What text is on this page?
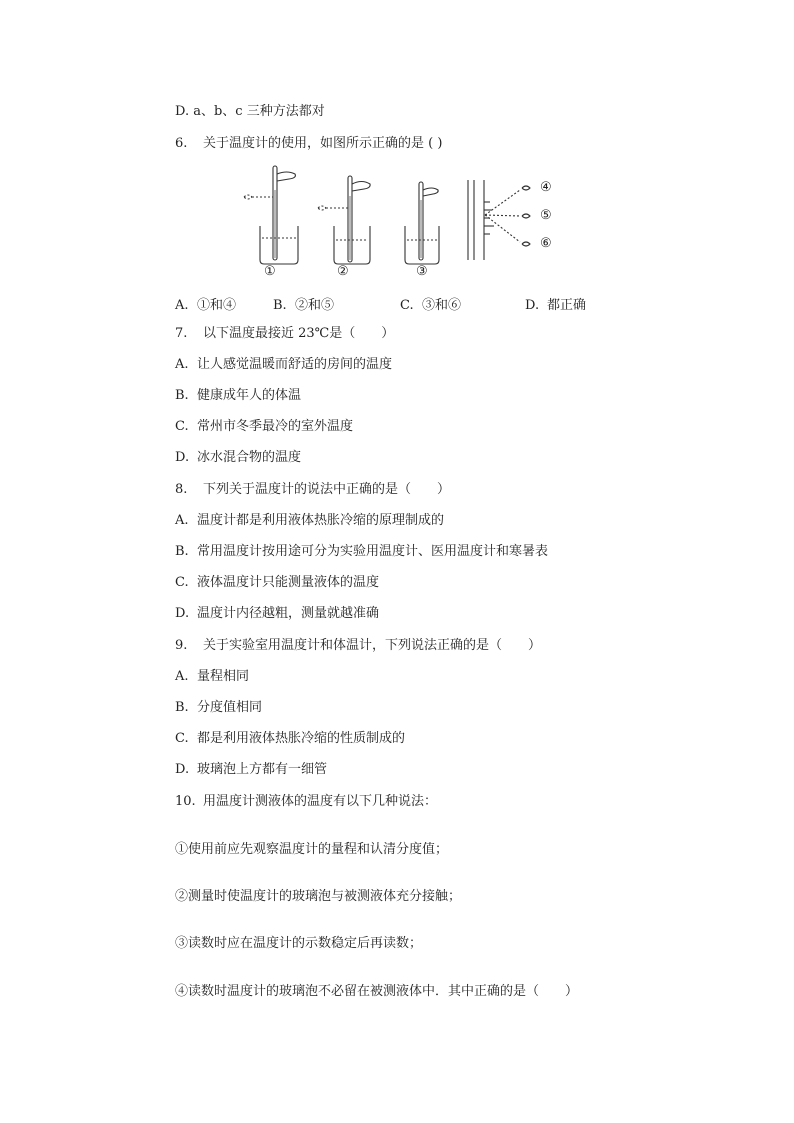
D. a、b、c 三种方法都对
6. 关于温度计的使用，如图所示正确的是 ( )
①	②	③
④
⑤
⑥
A. ①和④	B. ②和⑤	C. ③和⑥	D. 都正确
7. 以下温度最接近 23℃是（　　）
A. 让人感觉温暖而舒适的房间的温度
B. 健康成年人的体温
C. 常州市冬季最冷的室外温度
D. 冰水混合物的温度
8. 下列关于温度计的说法中正确的是（　　）
A. 温度计都是利用液体热胀冷缩的原理制成的
B. 常用温度计按用途可分为实验用温度计、医用温度计和寒暑表
C. 液体温度计只能测量液体的温度
D. 温度计内径越粗，测量就越准确
9. 关于实验室用温度计和体温计，下列说法正确的是（　　）
A. 量程相同
B. 分度值相同
C. 都是利用液体热胀冷缩的性质制成的
D. 玻璃泡上方都有一细管
10. 用温度计测液体的温度有以下几种说法：
①使用前应先观察温度计的量程和认清分度值；
②测量时使温度计的玻璃泡与被测液体充分接触；
③读数时应在温度计的示数稳定后再读数；
④读数时温度计的玻璃泡不必留在被测液体中．其中正确的是（　　）
